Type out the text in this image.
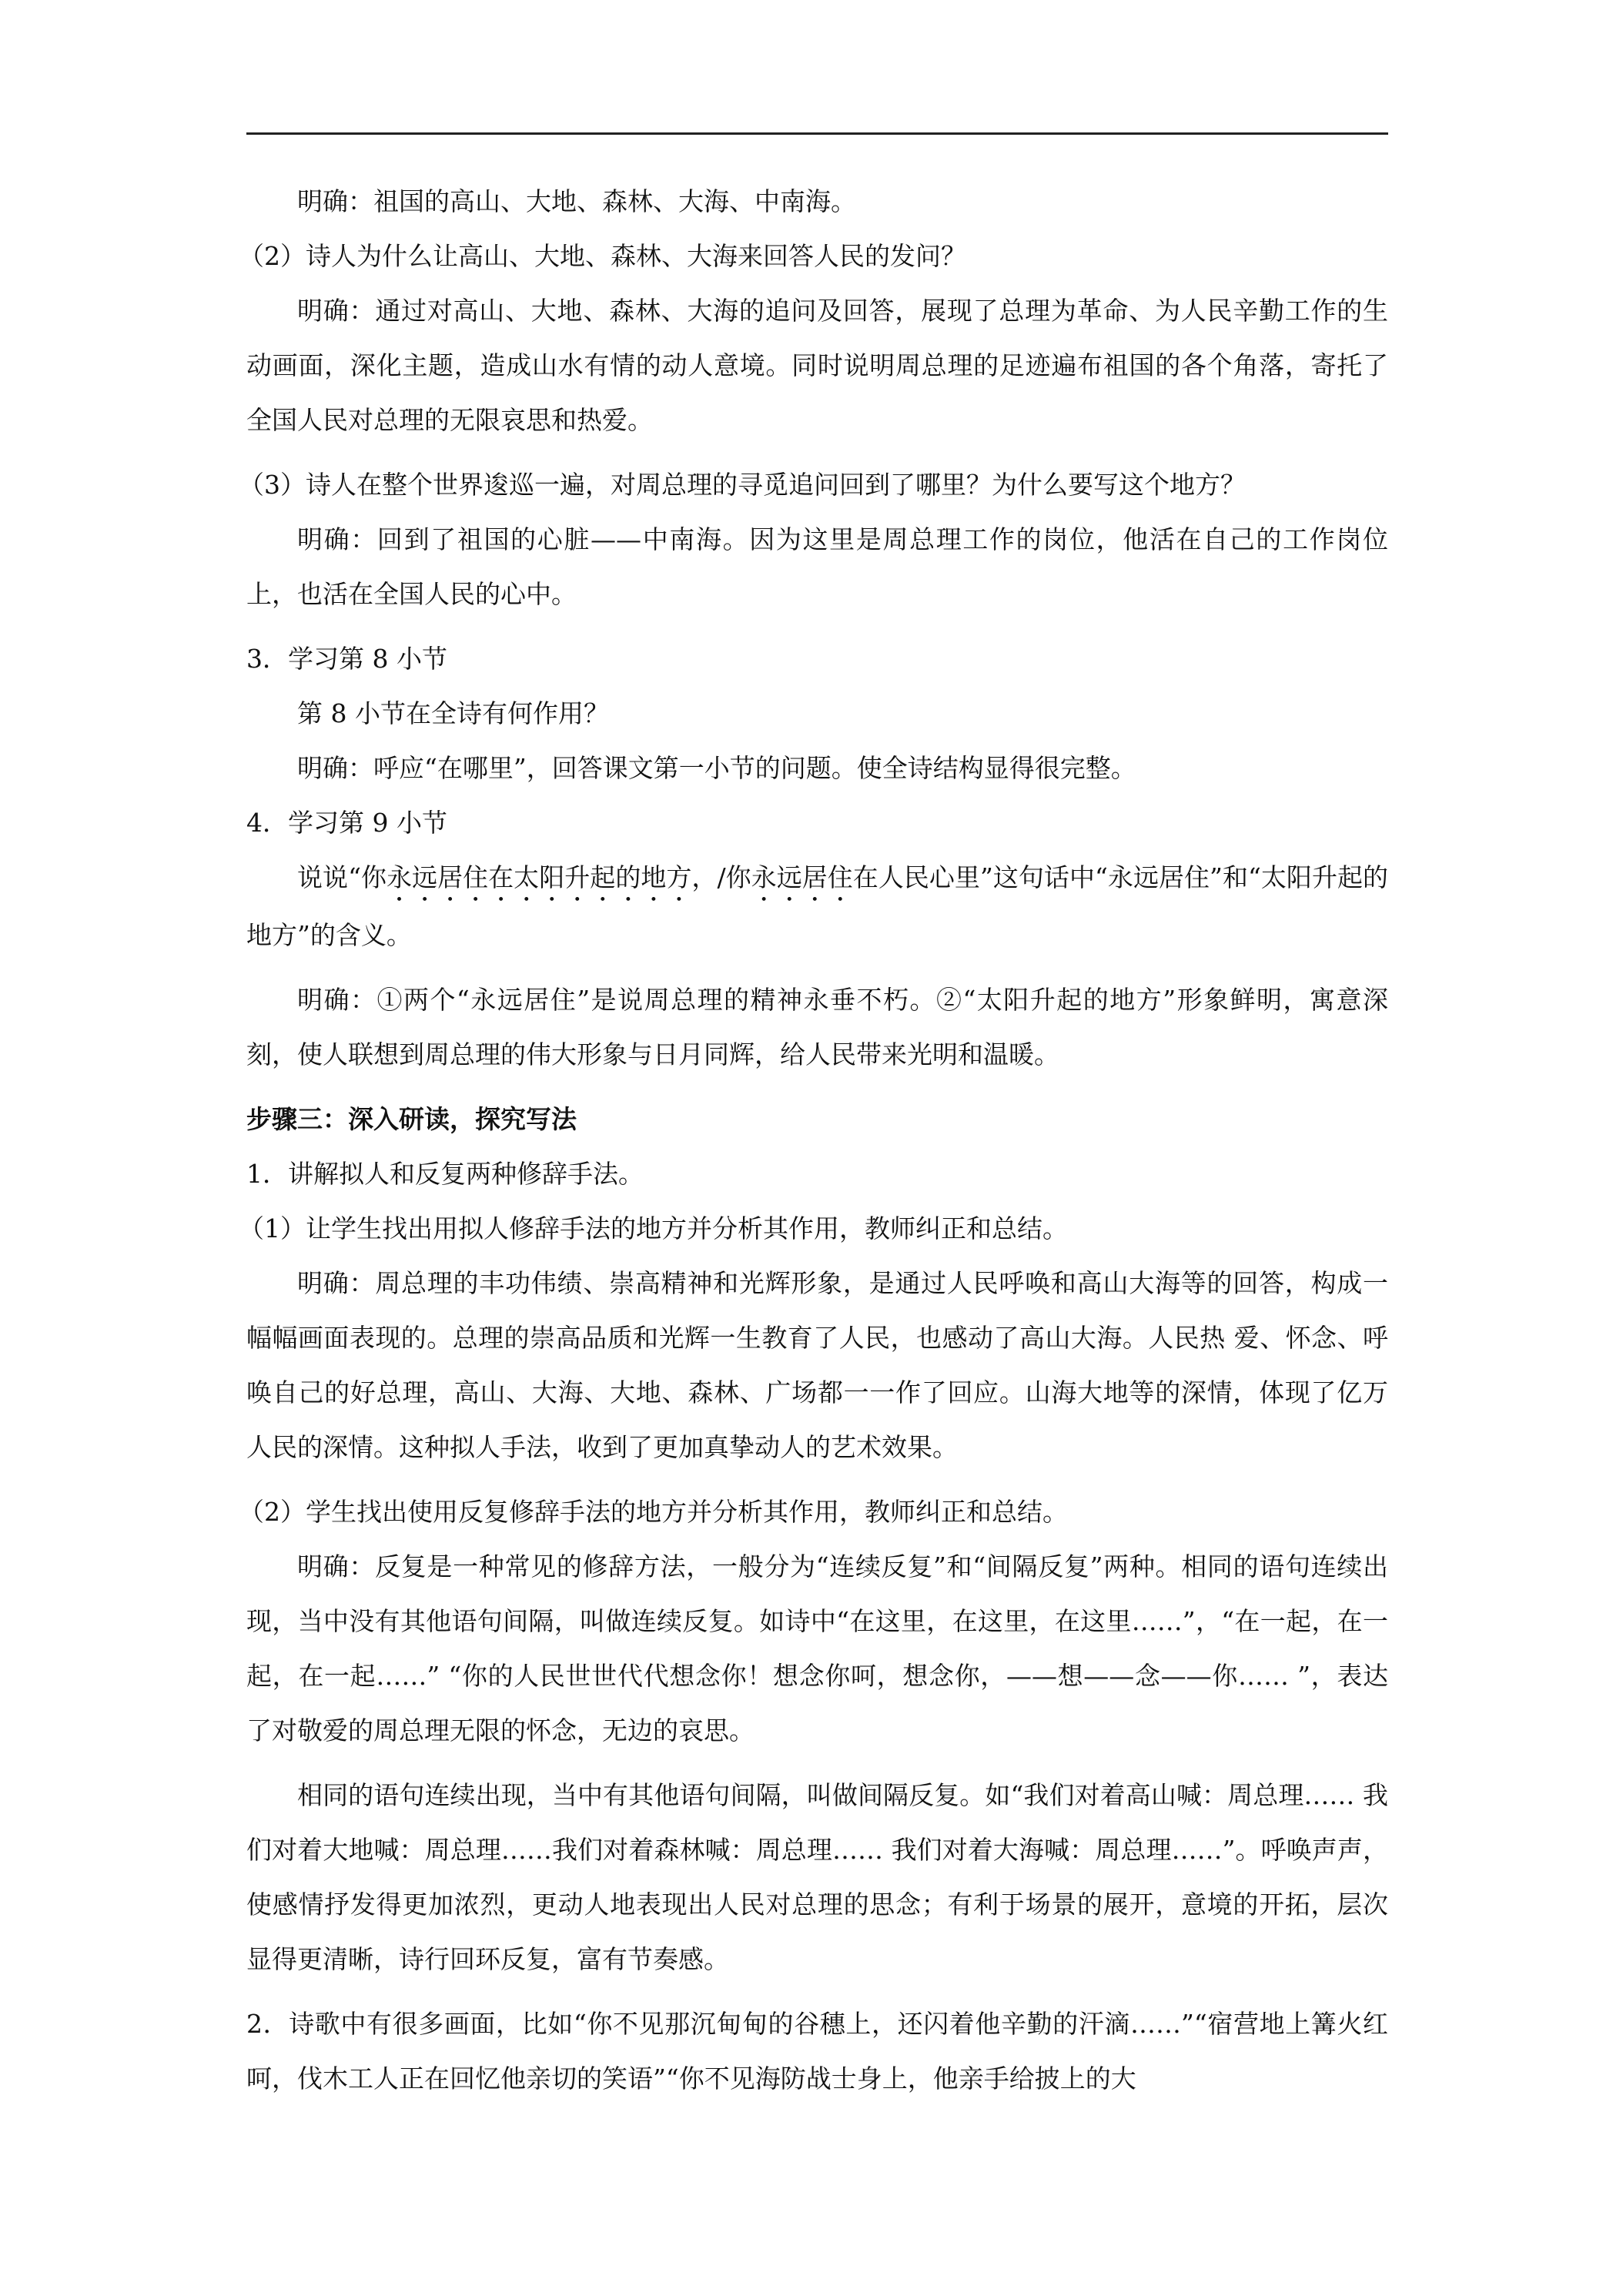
明确：祖国的高山、大地、森林、大海、中南海。

（2）诗人为什么让高山、大地、森林、大海来回答人民的发问？

明确：通过对高山、大地、森林、大海的追问及回答，展现了总理为革命、为人民辛勤工作的生动画面，深化主题，造成山水有情的动人意境。同时说明周总理的足迹遍布祖国的各个角落，寄托了全国人民对总理的无限哀思和热爱。

（3）诗人在整个世界逡巡一遍，对周总理的寻觅追问回到了哪里？为什么要写这个地方？

明确：回到了祖国的心脏——中南海。因为这里是周总理工作的岗位，他活在自己的工作岗位上，也活在全国人民的心中。

3．学习第 8 小节

第 8 小节在全诗有何作用？

明确：呼应“在哪里”，回答课文第一小节的问题。使全诗结构显得很完整。

4．学习第 9 小节

说说“你永远居住在太阳升起的地方，/你永远居住在人民心里”这句话中“永远居住”和“太阳升起的地方”的含义。

明确：①两个“永远居住”是说周总理的精神永垂不朽。②“太阳升起的地方”形象鲜明，寓意深刻，使人联想到周总理的伟大形象与日月同辉，给人民带来光明和温暖。

步骤三：深入研读，探究写法

1．讲解拟人和反复两种修辞手法。

（1）让学生找出用拟人修辞手法的地方并分析其作用，教师纠正和总结。

明确：周总理的丰功伟绩、崇高精神和光辉形象，是通过人民呼唤和高山大海等的回答，构成一幅幅画面表现的。总理的崇高品质和光辉一生教育了人民，也感动了高山大海。人民热 爱、怀念、呼唤自己的好总理，高山、大海、大地、森林、广场都一一作了回应。山海大地等的深情，体现了亿万人民的深情。这种拟人手法，收到了更加真挚动人的艺术效果。

（2）学生找出使用反复修辞手法的地方并分析其作用，教师纠正和总结。

明确：反复是一种常见的修辞方法，一般分为“连续反复”和“间隔反复”两种。相同的语句连续出现，当中没有其他语句间隔，叫做连续反复。如诗中“在这里，在这里，在这里……”，“在一起，在一起，在一起……” “你的人民世世代代想念你！想念你呵，想念你，——想——念——你…… ”，表达了对敬爱的周总理无限的怀念，无边的哀思。

相同的语句连续出现，当中有其他语句间隔，叫做间隔反复。如“我们对着高山喊：周总理…… 我们对着大地喊：周总理……我们对着森林喊：周总理…… 我们对着大海喊：周总理……”。呼唤声声，使感情抒发得更加浓烈，更动人地表现出人民对总理的思念；有利于场景的展开，意境的开拓，层次显得更清晰，诗行回环反复，富有节奏感。

2．诗歌中有很多画面，比如“你不见那沉甸甸的谷穗上，还闪着他辛勤的汗滴……”“宿营地上篝火红呵，伐木工人正在回忆他亲切的笑语”“你不见海防战士身上，他亲手给披上的大
